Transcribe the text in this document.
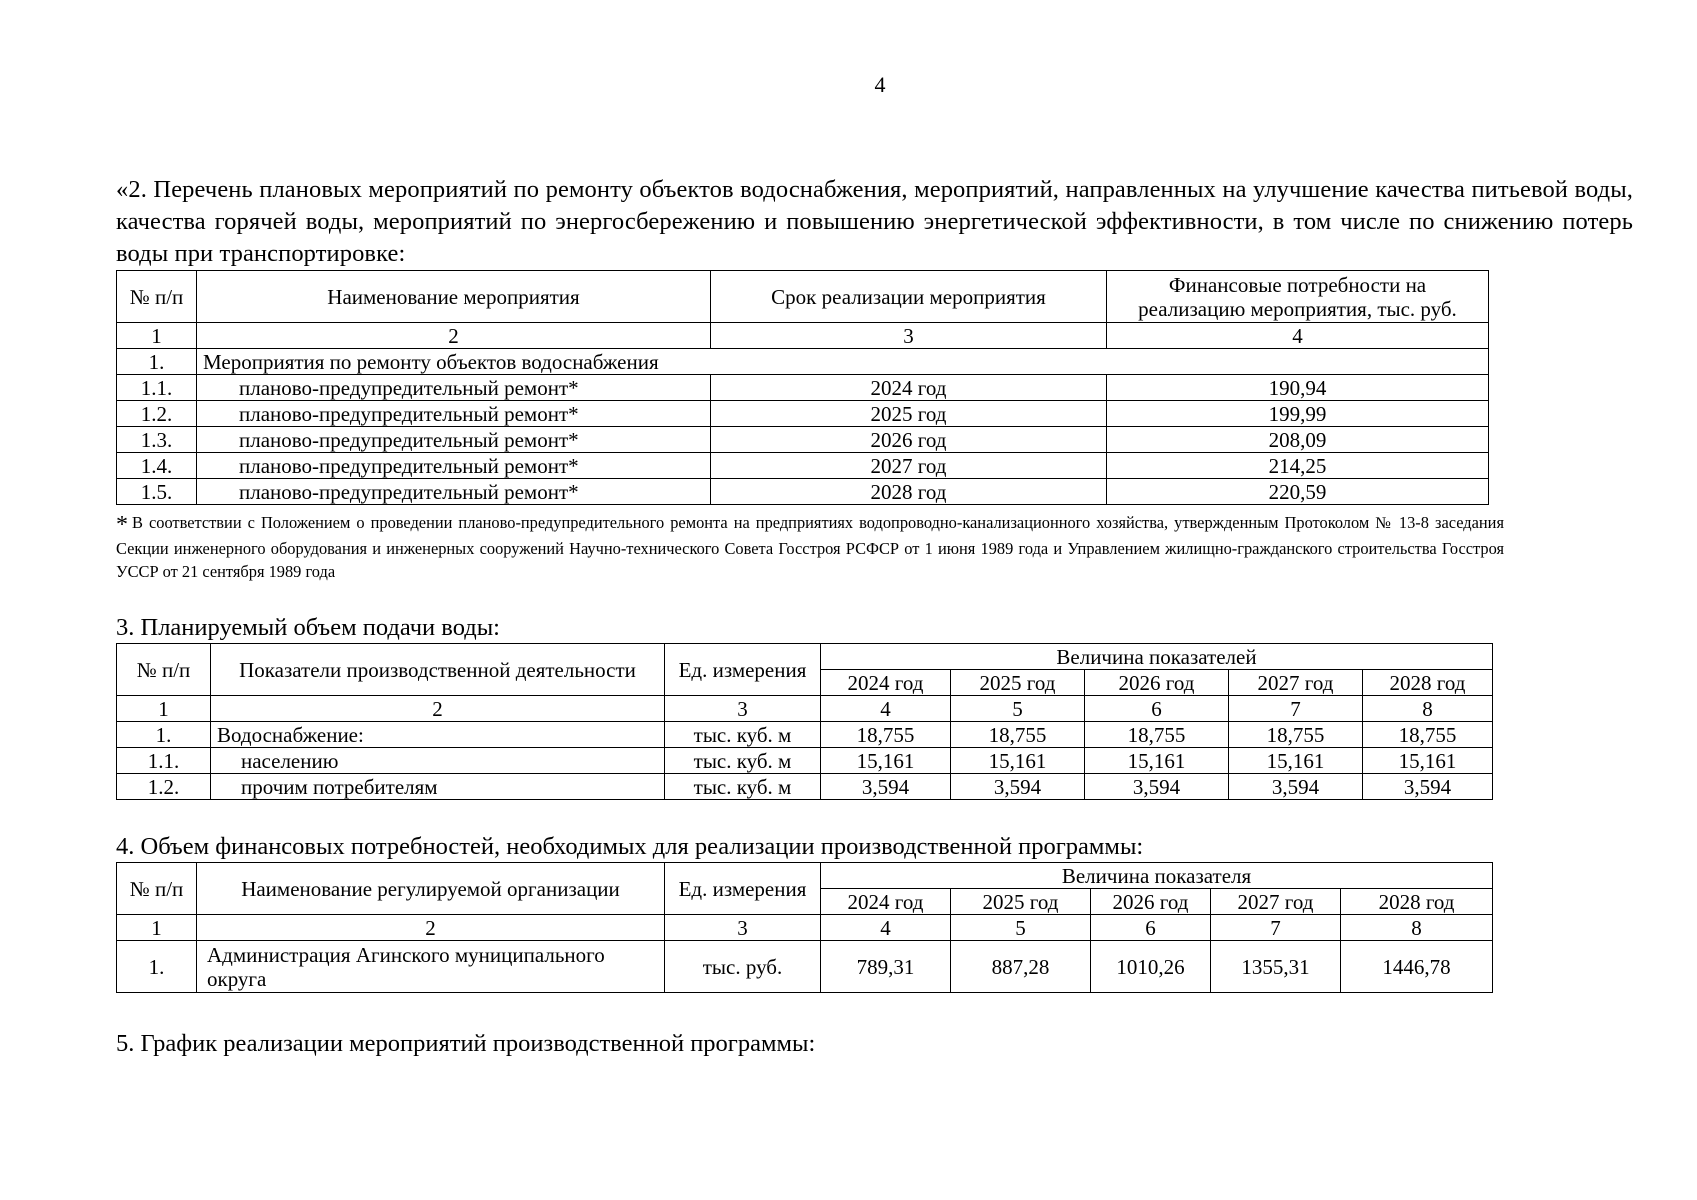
4

«2. Перечень плановых мероприятий по ремонту объектов водоснабжения, мероприятий, направленных на улучшение качества питьевой воды, качества горячей воды, мероприятий по энергосбережению и повышению энергетической эффективности, в том числе по снижению потерь воды при транспортировке:

№ п/п	Наименование мероприятия	Срок реализации мероприятия	Финансовые потребности на реализацию мероприятия, тыс. руб.
1	2	3	4
1.	Мероприятия по ремонту объектов водоснабжения		
1.1.	планово-предупредительный ремонт*	2024 год	190,94
1.2.	планово-предупредительный ремонт*	2025 год	199,99
1.3.	планово-предупредительный ремонт*	2026 год	208,09
1.4.	планово-предупредительный ремонт*	2027 год	214,25
1.5.	планово-предупредительный ремонт*	2028 год	220,59

* В соответствии с Положением о проведении планово-предупредительного ремонта на предприятиях водопроводно-канализационного хозяйства, утвержденным Протоколом № 13-8 заседания Секции инженерного оборудования и инженерных сооружений Научно-технического Совета Госстроя РСФСР от 1 июня 1989 года и Управлением жилищно-гражданского строительства Госстроя УССР от 21 сентября 1989 года

3. Планируемый объем подачи воды:

№ п/п	Показатели производственной деятельности	Ед. измерения	Величина показателей				
			2024 год	2025 год	2026 год	2027 год	2028 год
1	2	3	4	5	6	7	8
1.	Водоснабжение:	тыс. куб. м	18,755	18,755	18,755	18,755	18,755
1.1.	населению	тыс. куб. м	15,161	15,161	15,161	15,161	15,161
1.2.	прочим потребителям	тыс. куб. м	3,594	3,594	3,594	3,594	3,594

4. Объем финансовых потребностей, необходимых для реализации производственной программы:

№ п/п	Наименование регулируемой организации	Ед. измерения	Величина показателя				
			2024 год	2025 год	2026 год	2027 год	2028 год
1	2	3	4	5	6	7	8
1.	Администрация Агинского муниципального округа	тыс. руб.	789,31	887,28	1010,26	1355,31	1446,78

5. График реализации мероприятий производственной программы:
